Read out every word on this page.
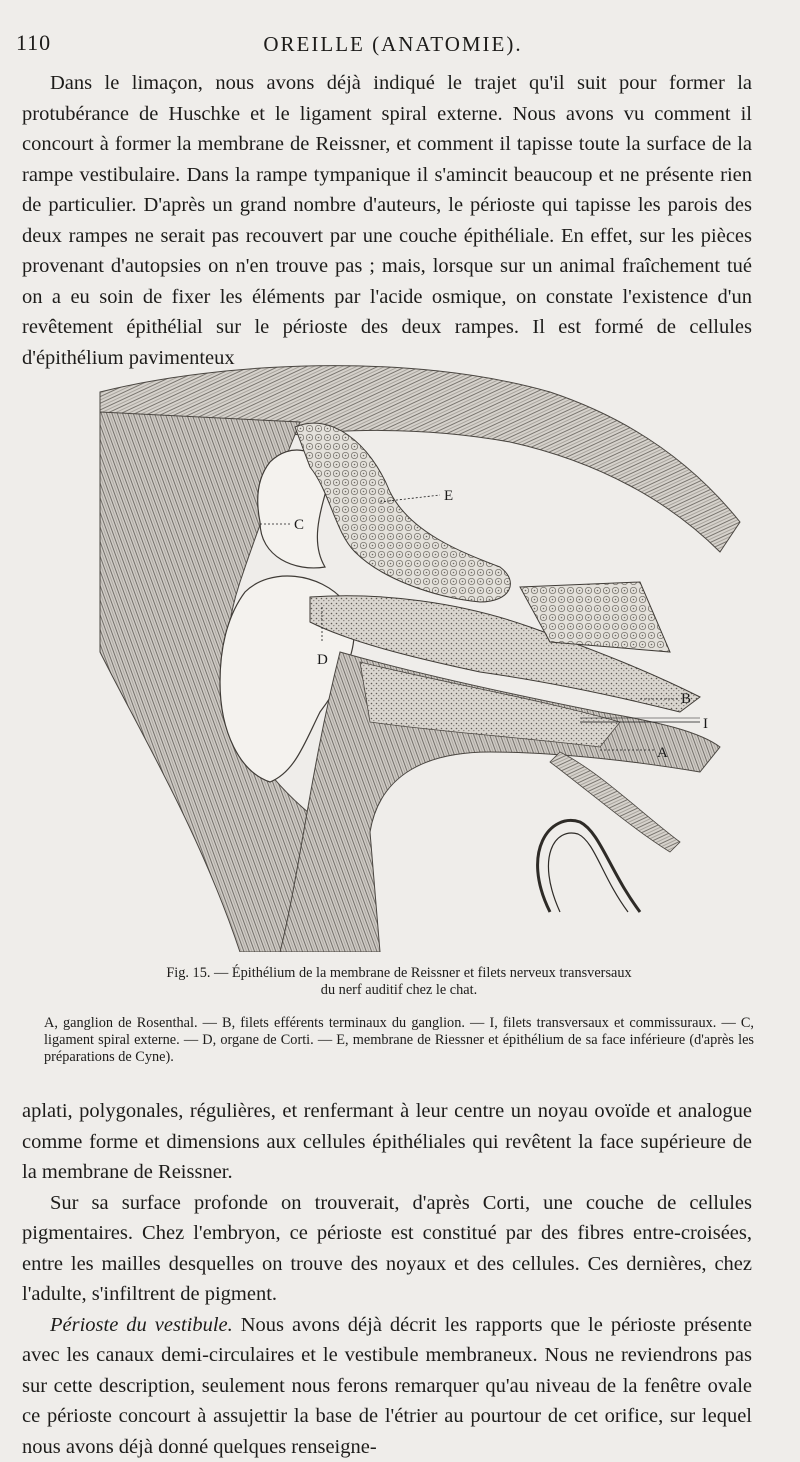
110	OREILLE (ANATOMIE).

Dans le limaçon, nous avons déjà indiqué le trajet qu'il suit pour former la protubérance de Huschke et le ligament spiral externe. Nous avons vu comment il concourt à former la membrane de Reissner, et comment il tapisse toute la surface de la rampe vestibulaire. Dans la rampe tympanique il s'amincit beaucoup et ne présente rien de particulier. D'après un grand nombre d'auteurs, le périoste qui tapisse les parois des deux rampes ne serait pas recouvert par une couche épithéliale. En effet, sur les pièces provenant d'autopsies on n'en trouve pas ; mais, lorsque sur un animal fraîchement tué on a eu soin de fixer les éléments par l'acide osmique, on constate l'existence d'un revêtement épithélial sur le périoste des deux rampes. Il est formé de cellules d'épithélium pavimenteux

E
C
D
B
I
A
Fig. 15. — Épithélium de la membrane de Reissner et filets nerveux transversaux
du nerf auditif chez le chat.
A, ganglion de Rosenthal. — B, filets efférents terminaux du ganglion. — I, filets transversaux et commissuraux. — C, ligament spiral externe. — D, organe de Corti. — E, membrane de Riessner et épithélium de sa face inférieure (d'après les préparations de Cyne).

aplati, polygonales, régulières, et renfermant à leur centre un noyau ovoïde et analogue comme forme et dimensions aux cellules épithéliales qui revêtent la face supérieure de la membrane de Reissner.

Sur sa surface profonde on trouverait, d'après Corti, une couche de cellules pigmentaires. Chez l'embryon, ce périoste est constitué par des fibres entre-croisées, entre les mailles desquelles on trouve des noyaux et des cellules. Ces dernières, chez l'adulte, s'infiltrent de pigment.

Périoste du vestibule. Nous avons déjà décrit les rapports que le périoste présente avec les canaux demi-circulaires et le vestibule membraneux. Nous ne reviendrons pas sur cette description, seulement nous ferons remarquer qu'au niveau de la fenêtre ovale ce périoste concourt à assujettir la base de l'étrier au pourtour de cet orifice, sur lequel nous avons déjà donné quelques renseigne-
